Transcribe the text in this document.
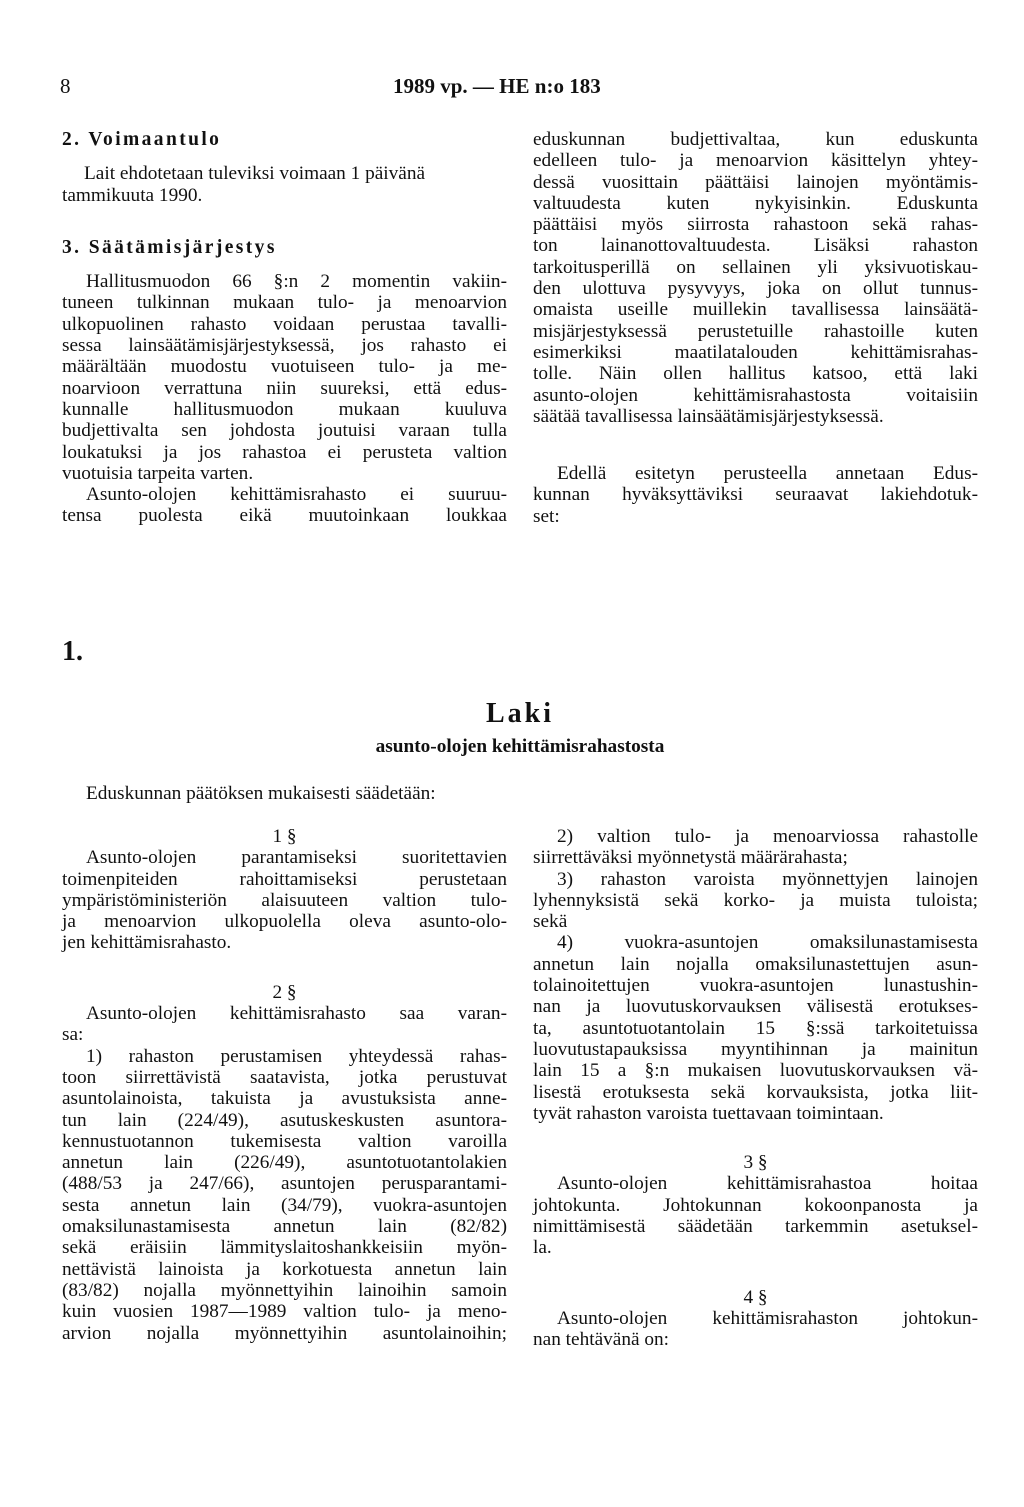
8	1989 vp. — HE n:o 183
2. Voimaantulo
Lait ehdotetaan tuleviksi voimaan 1 päivänä
tammikuuta 1990.
3. Säätämisjärjestys
Hallitusmuodon 66 §:n 2 momentin vakiin-
tuneen tulkinnan mukaan tulo- ja menoarvion
ulkopuolinen rahasto voidaan perustaa tavalli-
sessa lainsäätämisjärjestyksessä, jos rahasto ei
määrältään muodostu vuotuiseen tulo- ja me-
noarvioon verrattuna niin suureksi, että edus-
kunnalle hallitusmuodon mukaan kuuluva
budjettivalta sen johdosta joutuisi varaan tulla
loukatuksi ja jos rahastoa ei perusteta valtion
vuotuisia tarpeita varten.
Asunto-olojen kehittämisrahasto ei suuruu-
tensa puolesta eikä muutoinkaan loukkaa
eduskunnan budjettivaltaa, kun eduskunta
edelleen tulo- ja menoarvion käsittelyn yhtey-
dessä vuosittain päättäisi lainojen myöntämis-
valtuudesta kuten nykyisinkin. Eduskunta
päättäisi myös siirrosta rahastoon sekä rahas-
ton lainanottovaltuudesta. Lisäksi rahaston
tarkoitusperillä on sellainen yli yksivuotiskau-
den ulottuva pysyvyys, joka on ollut tunnus-
omaista useille muillekin tavallisessa lainsäätä-
misjärjestyksessä perustetuille rahastoille kuten
esimerkiksi maatilatalouden kehittämisrahas-
tolle. Näin ollen hallitus katsoo, että laki
asunto-olojen kehittämisrahastosta voitaisiin
säätää tavallisessa lainsäätämisjärjestyksessä.
Edellä esitetyn perusteella annetaan Edus-
kunnan hyväksyttäviksi seuraavat lakiehdotuk-
set:
1.
Laki
asunto-olojen kehittämisrahastosta
Eduskunnan päätöksen mukaisesti säädetään:
1 §
Asunto-olojen parantamiseksi suoritettavien
toimenpiteiden rahoittamiseksi perustetaan
ympäristöministeriön alaisuuteen valtion tulo-
ja menoarvion ulkopuolella oleva asunto-olo-
jen kehittämisrahasto.
2 §
Asunto-olojen kehittämisrahasto saa varan-
sa:
1) rahaston perustamisen yhteydessä rahas-
toon siirrettävistä saatavista, jotka perustuvat
asuntolainoista, takuista ja avustuksista anne-
tun lain (224/49), asutuskeskusten asuntora-
kennustuotannon tukemisesta valtion varoilla
annetun lain (226/49), asuntotuotantolakien
(488/53 ja 247/66), asuntojen perusparantami-
sesta annetun lain (34/79), vuokra-asuntojen
omaksilunastamisesta annetun lain (82/82)
sekä eräisiin lämmityslaitoshankkeisiin myön-
nettävistä lainoista ja korkotuesta annetun lain
(83/82) nojalla myönnettyihin lainoihin samoin
kuin vuosien 1987—1989 valtion tulo- ja meno-
arvion nojalla myönnettyihin asuntolainoihin;
2) valtion tulo- ja menoarviossa rahastolle
siirrettäväksi myönnetystä määrärahasta;
3) rahaston varoista myönnettyjen lainojen
lyhennyksistä sekä korko- ja muista tuloista;
sekä
4) vuokra-asuntojen omaksilunastamisesta
annetun lain nojalla omaksilunastettujen asun-
tolainoitettujen vuokra-asuntojen lunastushin-
nan ja luovutuskorvauksen välisestä erotukses-
ta, asuntotuotantolain 15 §:ssä tarkoitetuissa
luovutustapauksissa myyntihinnan ja mainitun
lain 15 a §:n mukaisen luovutuskorvauksen vä-
lisestä erotuksesta sekä korvauksista, jotka liit-
tyvät rahaston varoista tuettavaan toimintaan.
3 §
Asunto-olojen kehittämisrahastoa hoitaa
johtokunta. Johtokunnan kokoonpanosta ja
nimittämisestä säädetään tarkemmin asetuksel-
la.
4 §
Asunto-olojen kehittämisrahaston johtokun-
nan tehtävänä on:
